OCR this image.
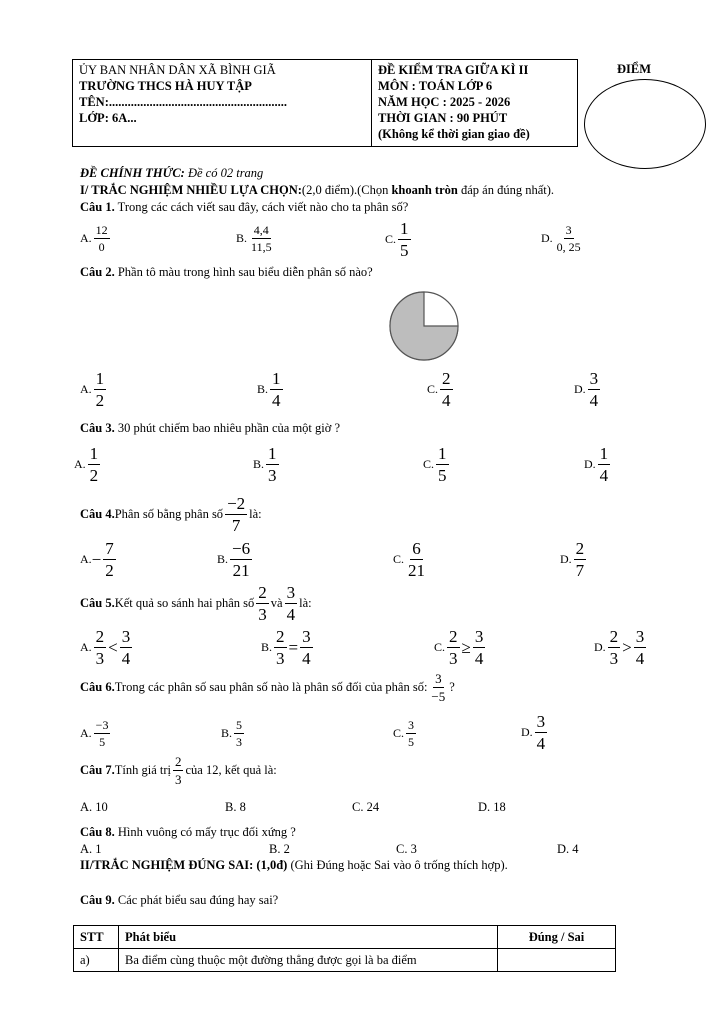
ỦY BAN NHÂN DÂN XÃ BÌNH GIÃ
TRƯỜNG THCS HÀ HUY TẬP
TÊN:.........................................................
LỚP: 6A...

ĐỀ KIỂM TRA GIỮA KÌ II
MÔN : TOÁN LỚP 6
NĂM HỌC : 2025 - 2026
THỜI GIAN : 90 PHÚT
(Không kể thời gian giao đề)
ĐIỂM
ĐỀ CHÍNH THỨC: Đề có 02 trang
I/ TRẮC NGHIỆM NHIỀU LỰA CHỌN:(2,0 điểm).(Chọn khoanh tròn đáp án đúng nhất).
Câu 1. Trong các cách viết sau đây, cách viết nào cho ta phân số?
A. $\frac{12}{0}$	B. $\frac{4,4}{11,5}$	C. $\frac{1}{5}$	D. $\frac{3}{0, 25}$
Câu 2. Phần tô màu trong hình sau biểu diễn phân số nào?
A. $\frac{1}{2}$	B. $\frac{1}{4}$	C. $\frac{2}{4}$	D. $\frac{3}{4}$
Câu 3. 30 phút chiếm bao nhiêu phần của một giờ ?
A. $\frac{1}{2}$	B. $\frac{1}{3}$	C. $\frac{1}{5}$	D. $\frac{1}{4}$
Câu 4. Phân số bằng phân số $\frac{-2}{7}$ là:
A. − $\frac{7}{2}$	B. $\frac{-6}{21}$	C. $\frac{6}{21}$	D. $\frac{2}{7}$
Câu 5. Kết quả so sánh hai phân số $\frac{2}{3}$ và $\frac{3}{4}$ là:
A. $\frac{2}{3} < \frac{3}{4}$	B. $\frac{2}{3} = \frac{3}{4}$	C. $\frac{2}{3} \ge \frac{3}{4}$	D. $\frac{2}{3} > \frac{3}{4}$
Câu 6. Trong các phân số sau phân số nào là phân số đối của phân số: $\frac{3}{-5}$ ?
A. $\frac{-3}{5}$	B. $\frac{5}{3}$	C. $\frac{3}{5}$	D. $\frac{3}{4}$
Câu 7. Tính giá trị $\frac{2}{3}$ của 12, kết quả là:
A. 10	B. 8	C. 24	D. 18
Câu 8. Hình vuông có mấy trục đối xứng ?
A. 1	B. 2	C. 3	D. 4
II/TRẮC NGHIỆM ĐÚNG SAI: (1,0đ) (Ghi Đúng hoặc Sai vào ô trống thích hợp).
Câu 9. Các phát biểu sau đúng hay sai?
STT	Phát biểu	Đúng / Sai
a)	Ba điểm cùng thuộc một đường thẳng được gọi là ba điểm	
